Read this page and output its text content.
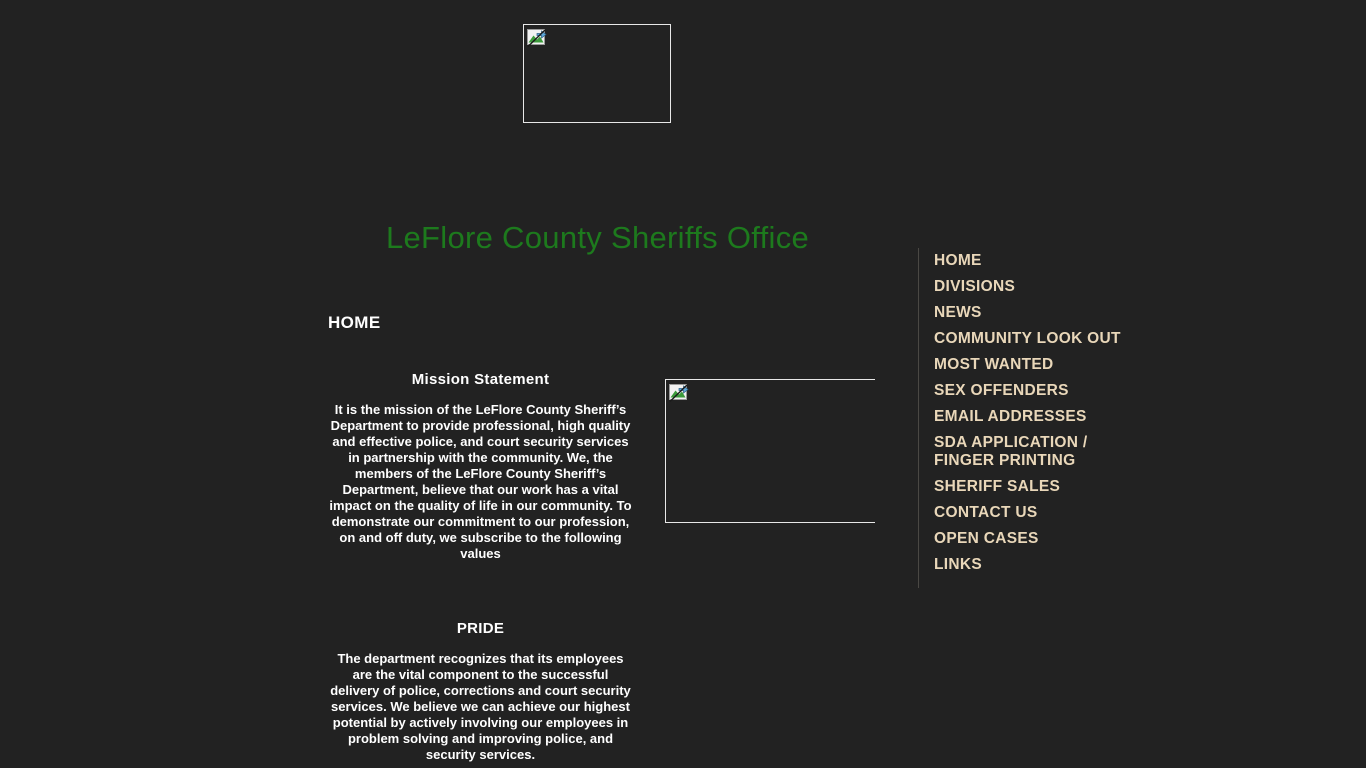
LeFlore County Sheriffs Office
HOME
Mission Statement

It is the mission of the LeFlore County Sheriff’s Department to provide professional, high quality and effective police, and court security services in partnership with the community. We, the members of the LeFlore County Sheriff’s Department, believe that our work has a vital impact on the quality of life in our community. To demonstrate our commitment to our profession, on and off duty, we subscribe to the following values

PRIDE

The department recognizes that its employees are the vital component to the successful delivery of police, corrections and court security services. We believe we can achieve our highest potential by actively involving our employees in problem solving and improving police, and security services.

HOME
DIVISIONS
NEWS
COMMUNITY LOOK OUT
MOST WANTED
SEX OFFENDERS
EMAIL ADDRESSES
SDA APPLICATION / FINGER PRINTING
SHERIFF SALES
CONTACT US
OPEN CASES
LINKS
